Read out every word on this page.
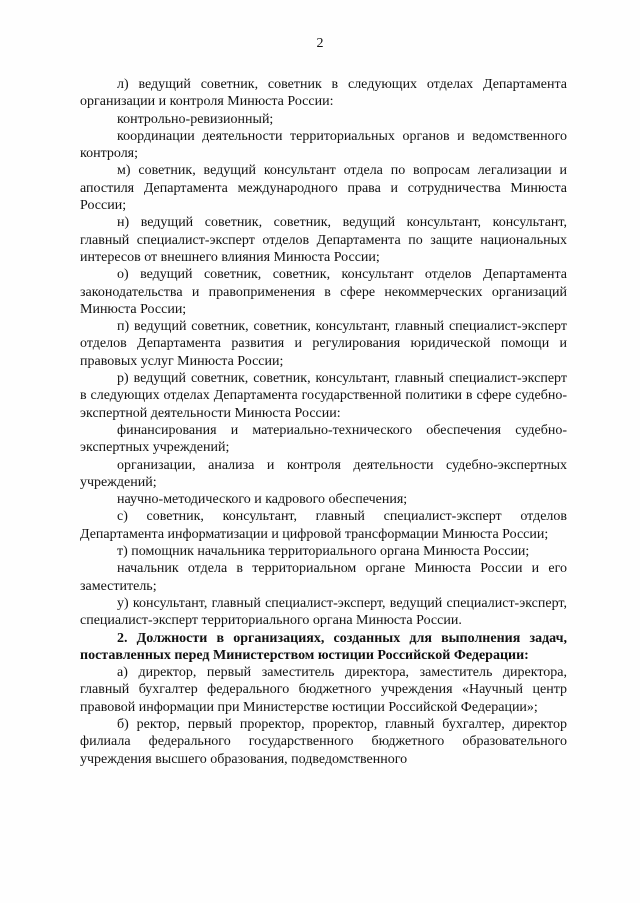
2

л) ведущий советник, советник в следующих отделах Департамента организации и контроля Минюста России:

контрольно-ревизионный;

координации деятельности территориальных органов и ведомственного контроля;

м) советник, ведущий консультант отдела по вопросам легализации и апостиля Департамента международного права и сотрудничества Минюста России;

н) ведущий советник, советник, ведущий консультант, консультант, главный специалист-эксперт отделов Департамента по защите национальных интересов от внешнего влияния Минюста России;

о) ведущий советник, советник, консультант отделов Департамента законодательства и правоприменения в сфере некоммерческих организаций Минюста России;

п) ведущий советник, советник, консультант, главный специалист-эксперт отделов Департамента развития и регулирования юридической помощи и правовых услуг Минюста России;

р) ведущий советник, советник, консультант, главный специалист-эксперт в следующих отделах Департамента государственной политики в сфере судебно-экспертной деятельности Минюста России:

финансирования и материально-технического обеспечения судебно-экспертных учреждений;

организации, анализа и контроля деятельности судебно-экспертных учреждений;

научно-методического и кадрового обеспечения;

с) советник, консультант, главный специалист-эксперт отделов Департамента информатизации и цифровой трансформации Минюста России;

т) помощник начальника территориального органа Минюста России;

начальник отдела в территориальном органе Минюста России и его заместитель;

у) консультант, главный специалист-эксперт, ведущий специалист-эксперт, специалист-эксперт территориального органа Минюста России.

2. Должности в организациях, созданных для выполнения задач, поставленных перед Министерством юстиции Российской Федерации:

а) директор, первый заместитель директора, заместитель директора, главный бухгалтер федерального бюджетного учреждения «Научный центр правовой информации при Министерстве юстиции Российской Федерации»;

б) ректор, первый проректор, проректор, главный бухгалтер, директор филиала федерального государственного бюджетного образовательного учреждения высшего образования, подведомственного
